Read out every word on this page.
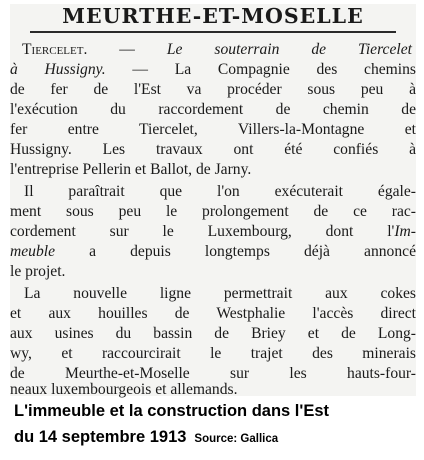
MEURTHE-ET-MOSELLE
Tiercelet. — Le souterrain de Tiercelet
à Hussigny. — La Compagnie des chemins
de fer de l'Est va procéder sous peu à
l'exécution du raccordement de chemin de
fer entre Tiercelet, Villers-la-Montagne et
Hussigny. Les travaux ont été confiés à
l'entreprise Pellerin et Ballot, de Jarny.
Il paraîtrait que l'on exécuterait égale-
ment sous peu le prolongement de ce rac-
cordement sur le Luxembourg, dont l'Im-
meuble a depuis longtemps déjà annoncé
le projet.
La nouvelle ligne permettrait aux cokes
et aux houilles de Westphalie l'accès direct
aux usines du bassin de Briey et de Long-
wy, et raccourcirait le trajet des minerais
de Meurthe-et-Moselle sur les hauts-four-
neaux luxembourgeois et allemands.
L'immeuble et la construction dans l'Est
du 14 septembre 1913 Source: Gallica
